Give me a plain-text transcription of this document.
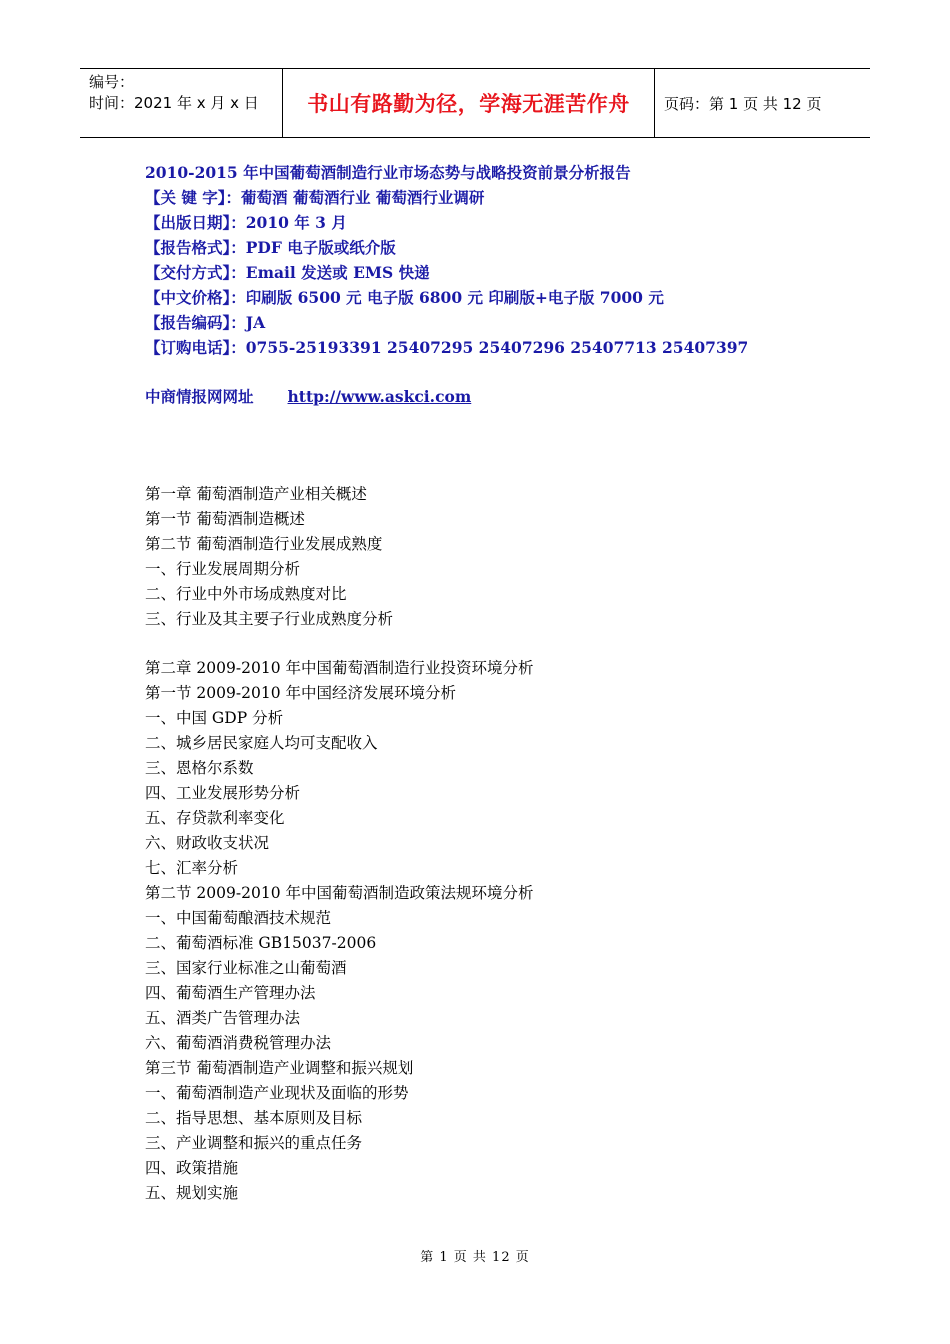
编号：
时间：2021 年 x 月 x 日	书山有路勤为径，学海无涯苦作舟 页码：第 1 页 共 12 页
2010-2015 年中国葡萄酒制造行业市场态势与战略投资前景分析报告
【关 键 字】：葡萄酒 葡萄酒行业 葡萄酒行业调研
【出版日期】：2010 年 3 月
【报告格式】：PDF 电子版或纸介版
【交付方式】：Email 发送或 EMS 快递
【中文价格】：印刷版 6500 元 电子版 6800 元 印刷版+电子版 7000 元
【报告编码】：JA
【订购电话】：0755-25193391 25407295 25407296 25407713 25407397
中商情报网网址 http://www.askci.com
第一章 葡萄酒制造产业相关概述
第一节 葡萄酒制造概述
第二节 葡萄酒制造行业发展成熟度
一、行业发展周期分析
二、行业中外市场成熟度对比
三、行业及其主要子行业成熟度分析
第二章 2009-2010 年中国葡萄酒制造行业投资环境分析
第一节 2009-2010 年中国经济发展环境分析
一、中国 GDP 分析
二、城乡居民家庭人均可支配收入
三、恩格尔系数
四、工业发展形势分析
五、存贷款利率变化
六、财政收支状况
七、汇率分析
第二节 2009-2010 年中国葡萄酒制造政策法规环境分析
一、中国葡萄酿酒技术规范
二、葡萄酒标准 GB15037-2006
三、国家行业标准之山葡萄酒
四、葡萄酒生产管理办法
五、酒类广告管理办法
六、葡萄酒消费税管理办法
第三节 葡萄酒制造产业调整和振兴规划
一、葡萄酒制造产业现状及面临的形势
二、指导思想、基本原则及目标
三、产业调整和振兴的重点任务
四、政策措施
五、规划实施
第 1 页 共 12 页
